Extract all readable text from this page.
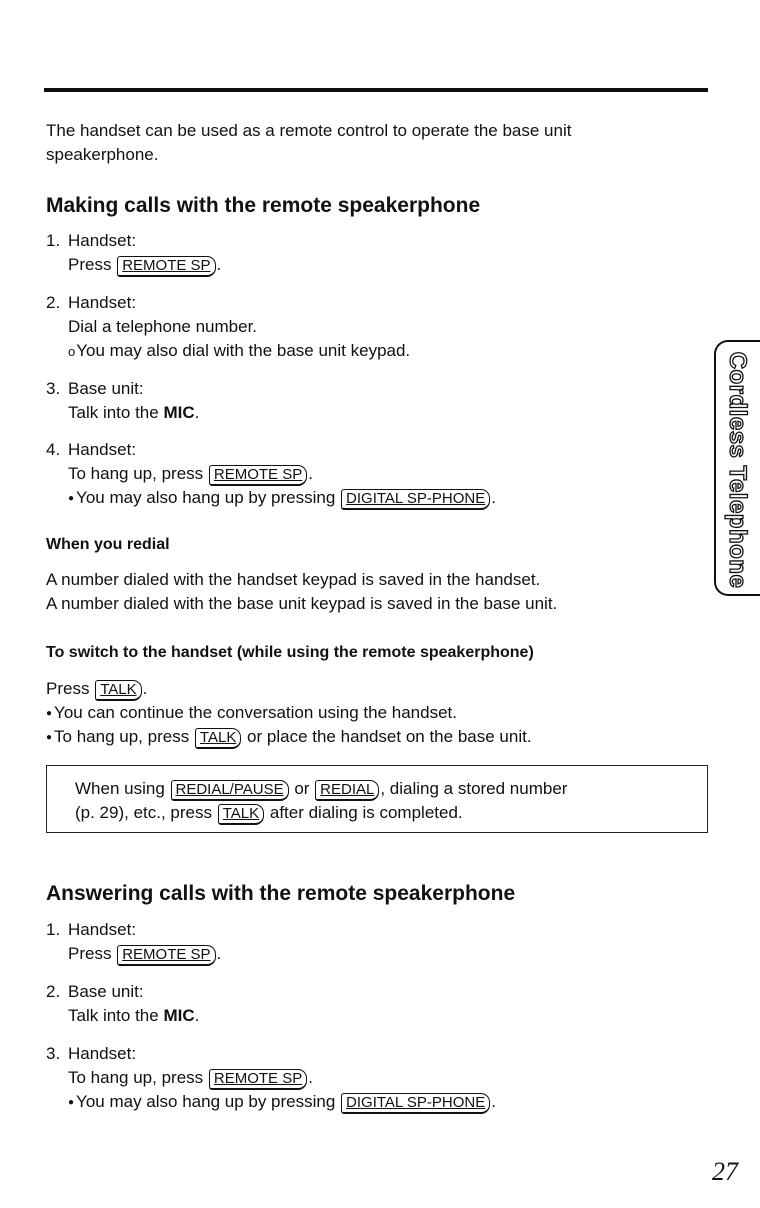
The handset can be used as a remote control to operate the base unit speakerphone.
Making calls with the remote speakerphone
1. Handset:
Press REMOTE SP .
2. Handset:
Dial a telephone number.
o You may also dial with the base unit keypad.
3. Base unit:
Talk into the MIC.
4. Handset:
To hang up, press REMOTE SP .
● You may also hang up by pressing DIGITAL SP-PHONE .
When you redial
A number dialed with the handset keypad is saved in the handset.
A number dialed with the base unit keypad is saved in the base unit.
To switch to the handset (while using the remote speakerphone)
Press TALK .
● You can continue the conversation using the handset.
● To hang up, press TALK or place the handset on the base unit.
When using REDIAL/PAUSE or REDIAL , dialing a stored number
(p. 29), etc., press TALK after dialing is completed.
Answering calls with the remote speakerphone
1. Handset:
Press REMOTE SP .
2. Base unit:
Talk into the MIC.
3. Handset:
To hang up, press REMOTE SP .
● You may also hang up by pressing DIGITAL SP-PHONE .
Cordless Telephone
27
